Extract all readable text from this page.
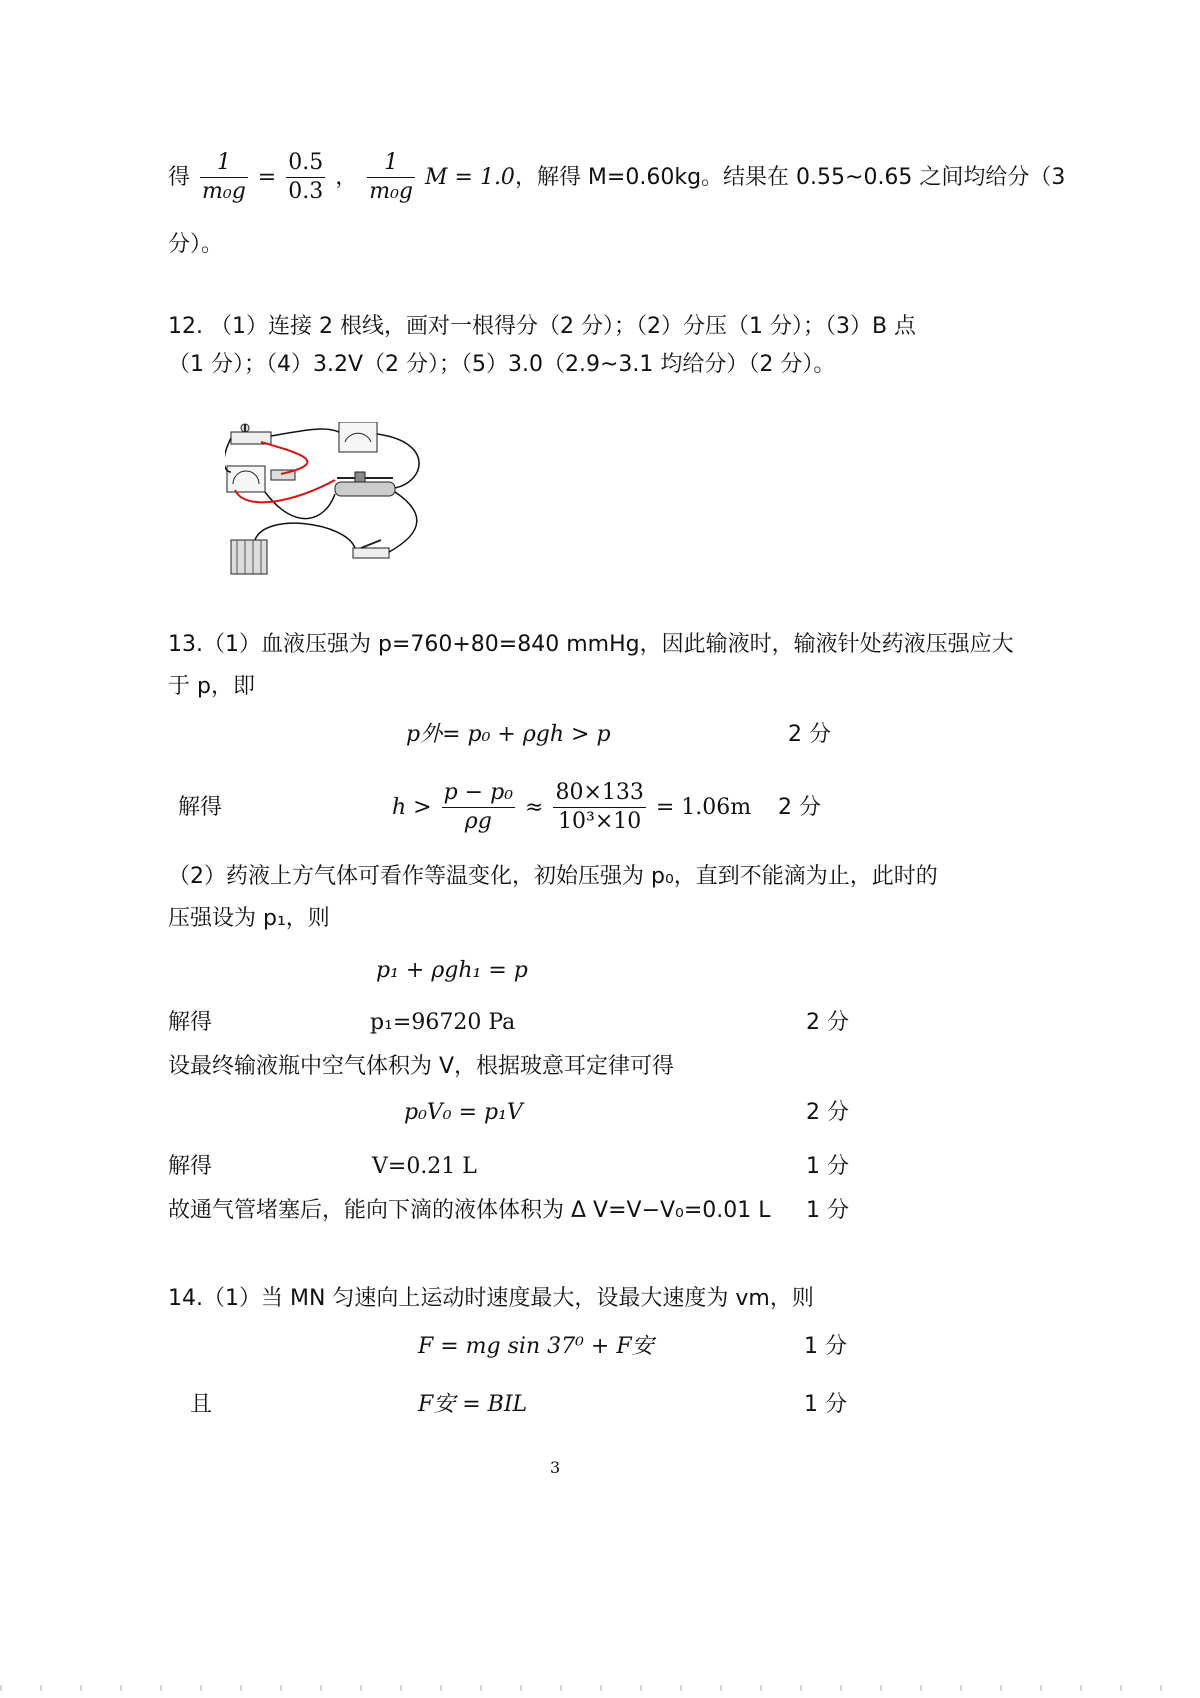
得 $\frac{1}{\text{m₀g}} = \frac{0.5}{0.3}$ ， $\frac{1}{\text{m₀g}}$ M = 1.0，解得 M=0.60kg。结果在 0.55~0.65 之间均给分（3
分）。
12. （1）连接 2 根线，画对一根得分（2 分）；（2）分压（1 分）；（3）B 点
（1 分）；（4）3.2V（2 分）；（5）3.0（2.9~3.1 均给分）（2 分）。
13.（1）血液压强为 p=760+80=840 mmHg，因此输液时，输液针处药液压强应大
于 p，即
p外= p₀ + ρgh > p	2 分
解得	$h > \frac{\text{p − p₀}}{\rho g} \approx \frac{80\times 133}{\text{10³×10}} = 1.06m$ 2 分
（2）药液上方气体可看作等温变化，初始压强为 p₀，直到不能滴为止，此时的
压强设为 p₁，则
p₁ + ρgh₁ = p
解得	p₁=96720 Pa	2 分
设最终输液瓶中空气体积为 V，根据玻意耳定律可得
p₀V₀ = p₁V	2 分
解得	V=0.21 L	1 分
故通气管堵塞后，能向下滴的液体体积为 Δ V=V−V₀=0.01 L 1 分
14.（1）当 MN 匀速向上运动时速度最大，设最大速度为 vm，则
F = mg sin 37⁰ + F安	1 分
且	F安 = BIL	1 分
3
